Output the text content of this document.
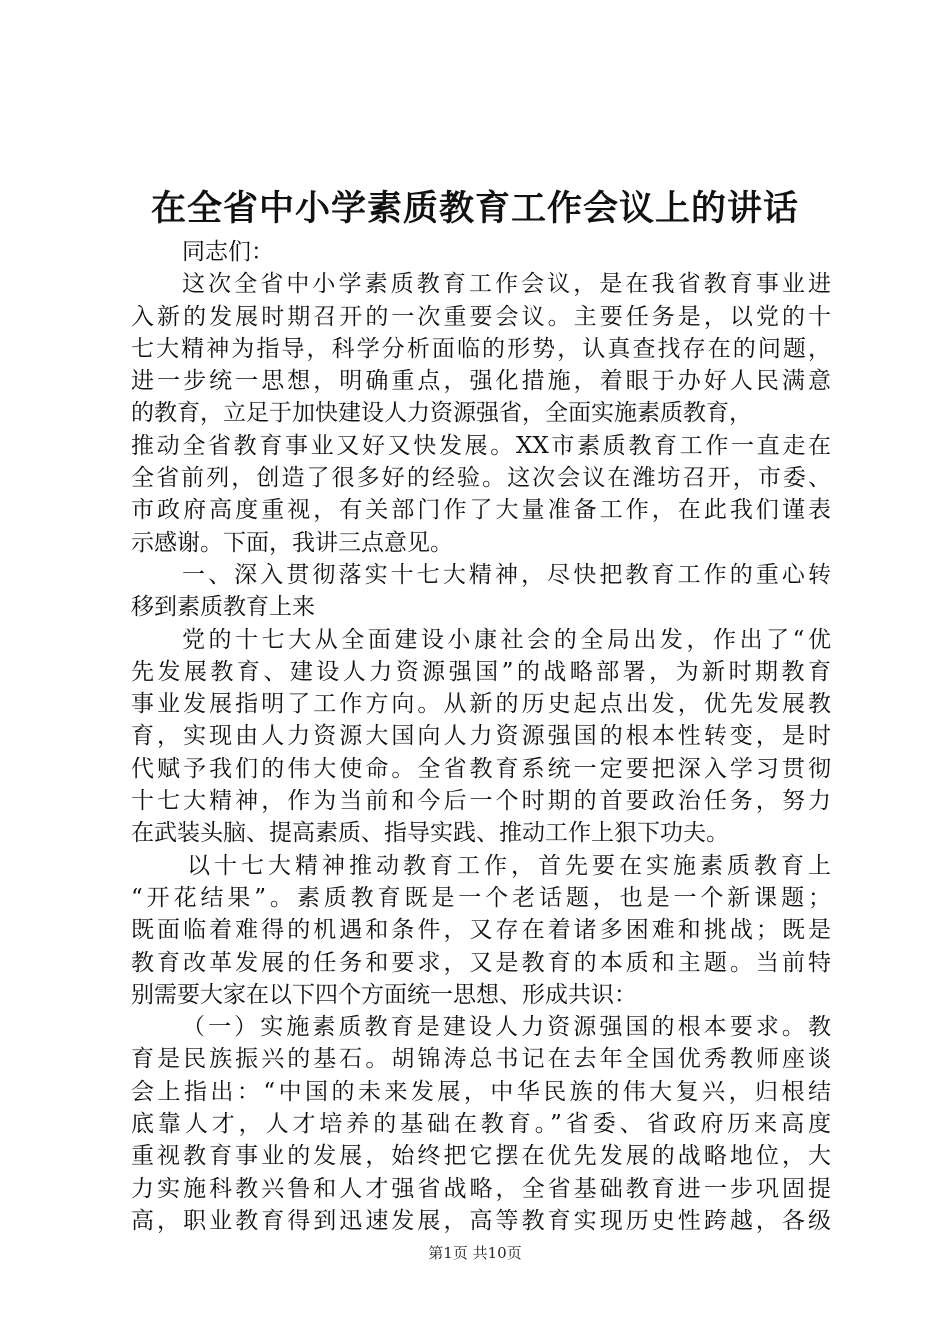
在全省中小学素质教育工作会议上的讲话
同志们：
这次全省中小学素质教育工作会议，是在我省教育事业进
入新的发展时期召开的一次重要会议。主要任务是，以党的十
七大精神为指导，科学分析面临的形势，认真查找存在的问题，
进一步统一思想，明确重点，强化措施，着眼于办好人民满意
的教育，立足于加快建设人力资源强省，全面实施素质教育，
推动全省教育事业又好又快发展。XX市素质教育工作一直走在
全省前列，创造了很多好的经验。这次会议在潍坊召开，市委、
市政府高度重视，有关部门作了大量准备工作，在此我们谨表
示感谢。下面，我讲三点意见。
一、深入贯彻落实十七大精神，尽快把教育工作的重心转
移到素质教育上来
党的十七大从全面建设小康社会的全局出发，作出了“优
先发展教育、建设人力资源强国”的战略部署，为新时期教育
事业发展指明了工作方向。从新的历史起点出发，优先发展教
育，实现由人力资源大国向人力资源强国的根本性转变，是时
代赋予我们的伟大使命。全省教育系统一定要把深入学习贯彻
十七大精神，作为当前和今后一个时期的首要政治任务，努力
在武装头脑、提高素质、指导实践、推动工作上狠下功夫。
以十七大精神推动教育工作，首先要在实施素质教育上
“开花结果”。素质教育既是一个老话题，也是一个新课题；
既面临着难得的机遇和条件，又存在着诸多困难和挑战；既是
教育改革发展的任务和要求，又是教育的本质和主题。当前特
别需要大家在以下四个方面统一思想、形成共识：
（一）实施素质教育是建设人力资源强国的根本要求。教
育是民族振兴的基石。胡锦涛总书记在去年全国优秀教师座谈
会上指出：“中国的未来发展，中华民族的伟大复兴，归根结
底靠人才，人才培养的基础在教育。”省委、省政府历来高度
重视教育事业的发展，始终把它摆在优先发展的战略地位，大
力实施科教兴鲁和人才强省战略，全省基础教育进一步巩固提
高，职业教育得到迅速发展，高等教育实现历史性跨越，各级
第1页 共10页
